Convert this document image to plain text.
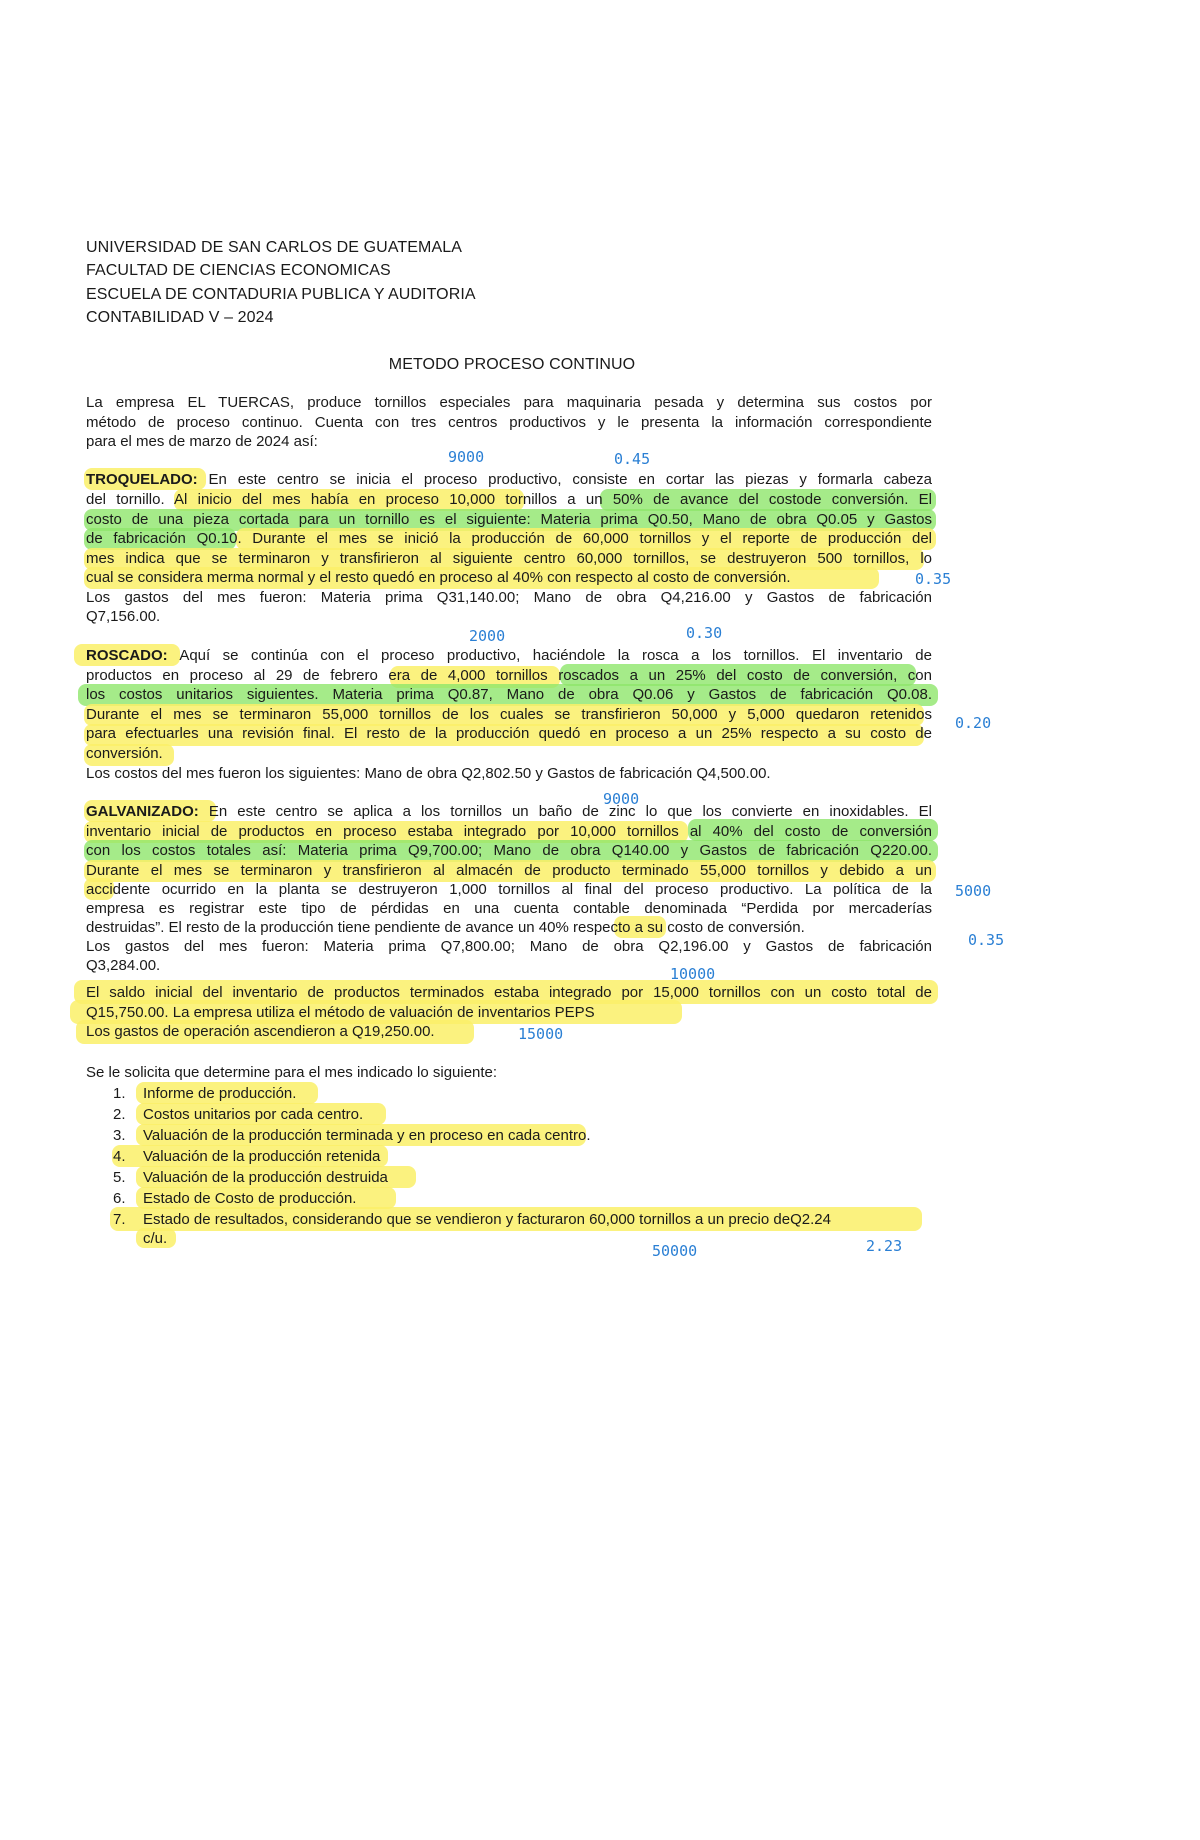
UNIVERSIDAD DE SAN CARLOS DE GUATEMALA
FACULTAD DE CIENCIAS ECONOMICAS
ESCUELA DE CONTADURIA PUBLICA Y AUDITORIA
CONTABILIDAD V – 2024
METODO PROCESO CONTINUO
La empresa EL TUERCAS, produce tornillos especiales para maquinaria pesada y determina sus costos por
método de proceso continuo. Cuenta con tres centros productivos y le presenta la información correspondiente
para el mes de marzo de 2024 así:
TROQUELADO: En este centro se inicia el proceso productivo, consiste en cortar las piezas y formarla cabeza
del tornillo. Al inicio del mes había en proceso 10,000 tornillos a un 50% de avance del costode conversión. El
costo de una pieza cortada para un tornillo es el siguiente: Materia prima Q0.50, Mano de obra Q0.05 y Gastos
de fabricación Q0.10. Durante el mes se inició la producción de 60,000 tornillos y el reporte de producción del
mes indica que se terminaron y transfirieron al siguiente centro 60,000 tornillos, se destruyeron 500 tornillos, lo
cual se considera merma normal y el resto quedó en proceso al 40% con respecto al costo de conversión.
Los gastos del mes fueron: Materia prima Q31,140.00; Mano de obra Q4,216.00 y Gastos de fabricación
Q7,156.00.
ROSCADO: Aquí se continúa con el proceso productivo, haciéndole la rosca a los tornillos. El inventario de
productos en proceso al 29 de febrero era de 4,000 tornillos roscados a un 25% del costo de conversión, con
los costos unitarios siguientes. Materia prima Q0.87, Mano de obra Q0.06 y Gastos de fabricación Q0.08.
Durante el mes se terminaron 55,000 tornillos de los cuales se transfirieron 50,000 y 5,000 quedaron retenidos
para efectuarles una revisión final. El resto de la producción quedó en proceso a un 25% respecto a su costo de
conversión.
Los costos del mes fueron los siguientes: Mano de obra Q2,802.50 y Gastos de fabricación Q4,500.00.
GALVANIZADO: En este centro se aplica a los tornillos un baño de zinc lo que los convierte en inoxidables. El
inventario inicial de productos en proceso estaba integrado por 10,000 tornillos al 40% del costo de conversión
con los costos totales así: Materia prima Q9,700.00; Mano de obra Q140.00 y Gastos de fabricación Q220.00.
Durante el mes se terminaron y transfirieron al almacén de producto terminado 55,000 tornillos y debido a un
accidente ocurrido en la planta se destruyeron 1,000 tornillos al final del proceso productivo. La política de la
empresa es registrar este tipo de pérdidas en una cuenta contable denominada “Perdida por mercaderías
destruidas”. El resto de la producción tiene pendiente de avance un 40% respecto a su costo de conversión.
Los gastos del mes fueron: Materia prima Q7,800.00; Mano de obra Q2,196.00 y Gastos de fabricación
Q3,284.00.
El saldo inicial del inventario de productos terminados estaba integrado por 15,000 tornillos con un costo total de
Q15,750.00. La empresa utiliza el método de valuación de inventarios PEPS
Los gastos de operación ascendieron a Q19,250.00.
Se le solicita que determine para el mes indicado lo siguiente:
1. Informe de producción.
2. Costos unitarios por cada centro.
3. Valuación de la producción terminada y en proceso en cada centro.
4. Valuación de la producción retenida
5. Valuación de la producción destruida
6. Estado de Costo de producción.
7. Estado de resultados, considerando que se vendieron y facturaron 60,000 tornillos a un precio deQ2.24
c/u.
9000	0.45
0.35
2000	0.30
0.20
9000
5000
0.35
10000
15000
50000	2.23
